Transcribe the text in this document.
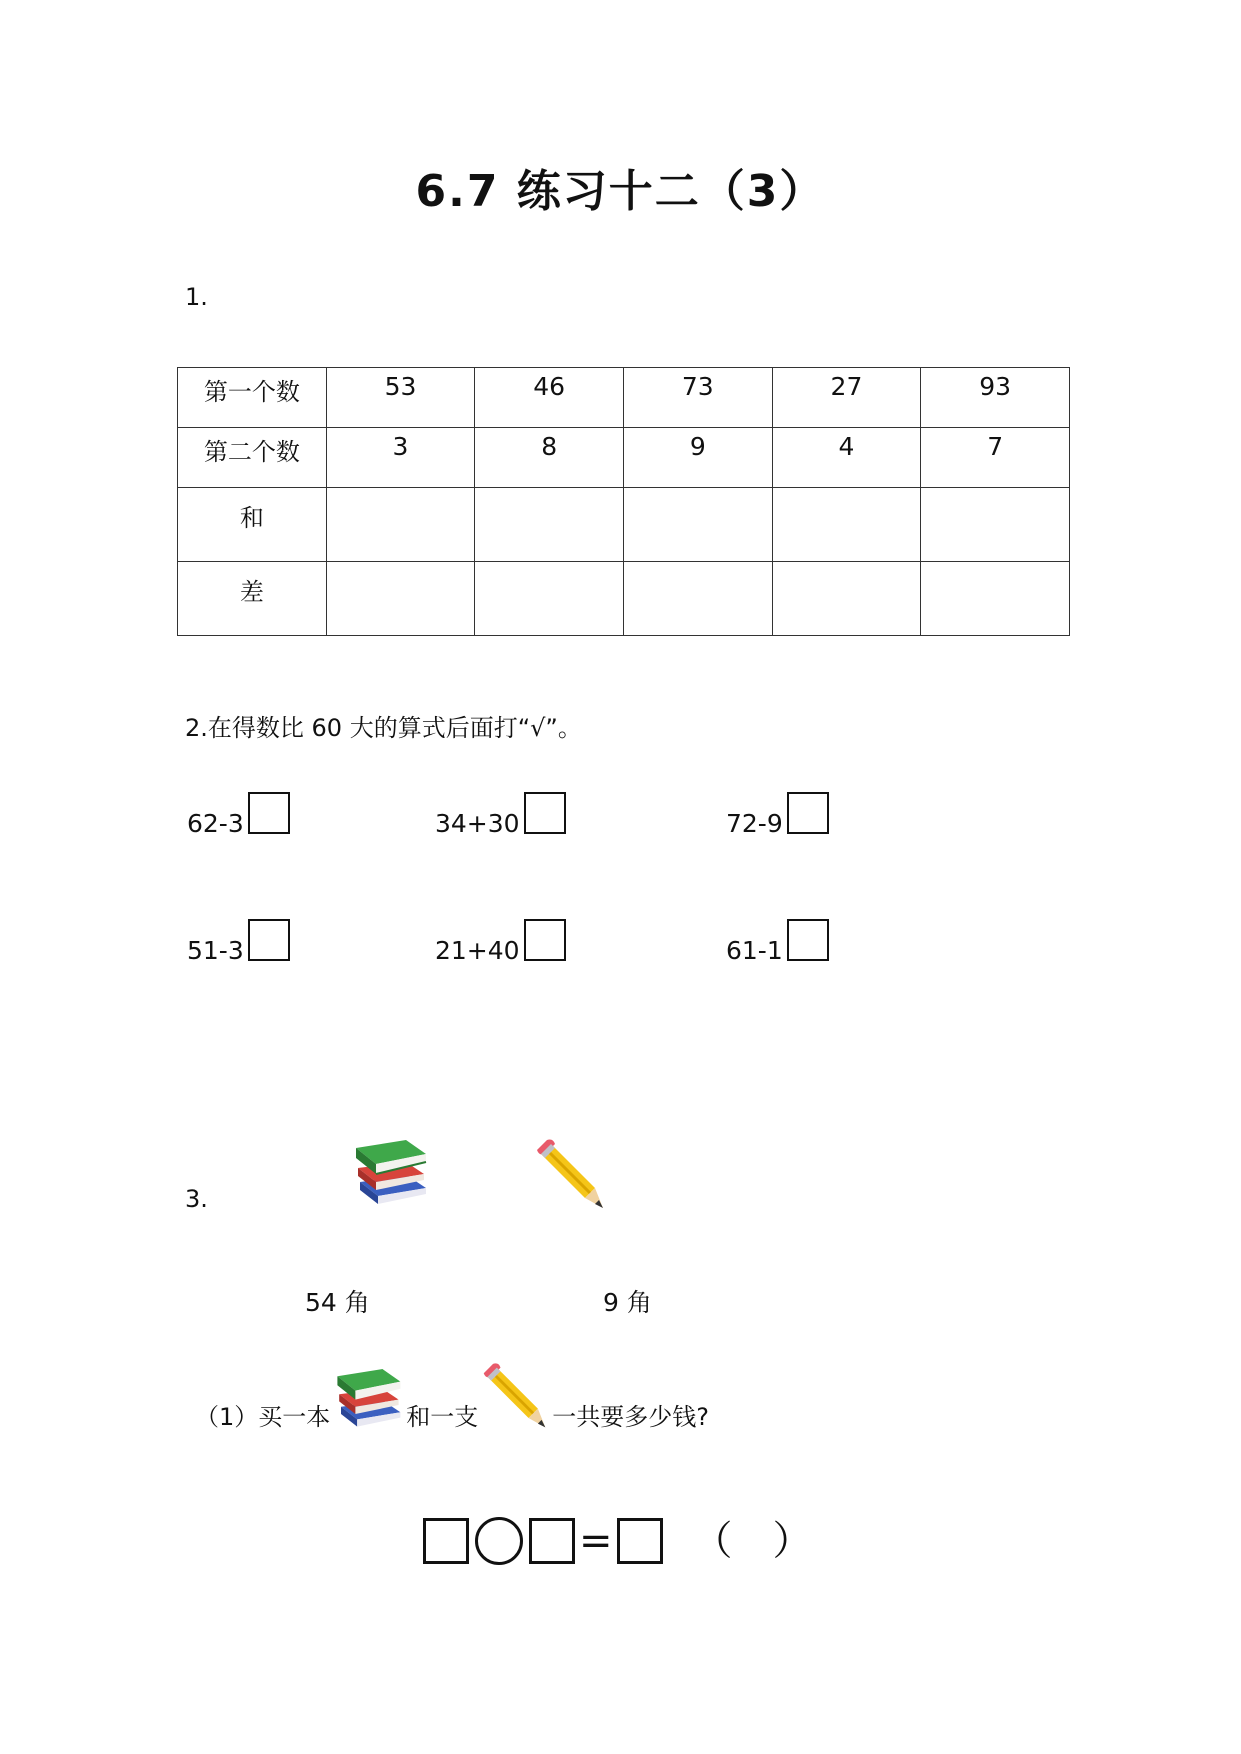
6.7 练习十二（3）
1.
第一个数	53	46	73	27	93
第二个数	3	8	9	4	7
和					
差					
2.在得数比 60 大的算式后面打“√”。
62-3	34+30	72-9
51-3	21+40	61-1
3.
54 角	9 角
（1）买一本	和一支	一共要多少钱?
= （ ）
